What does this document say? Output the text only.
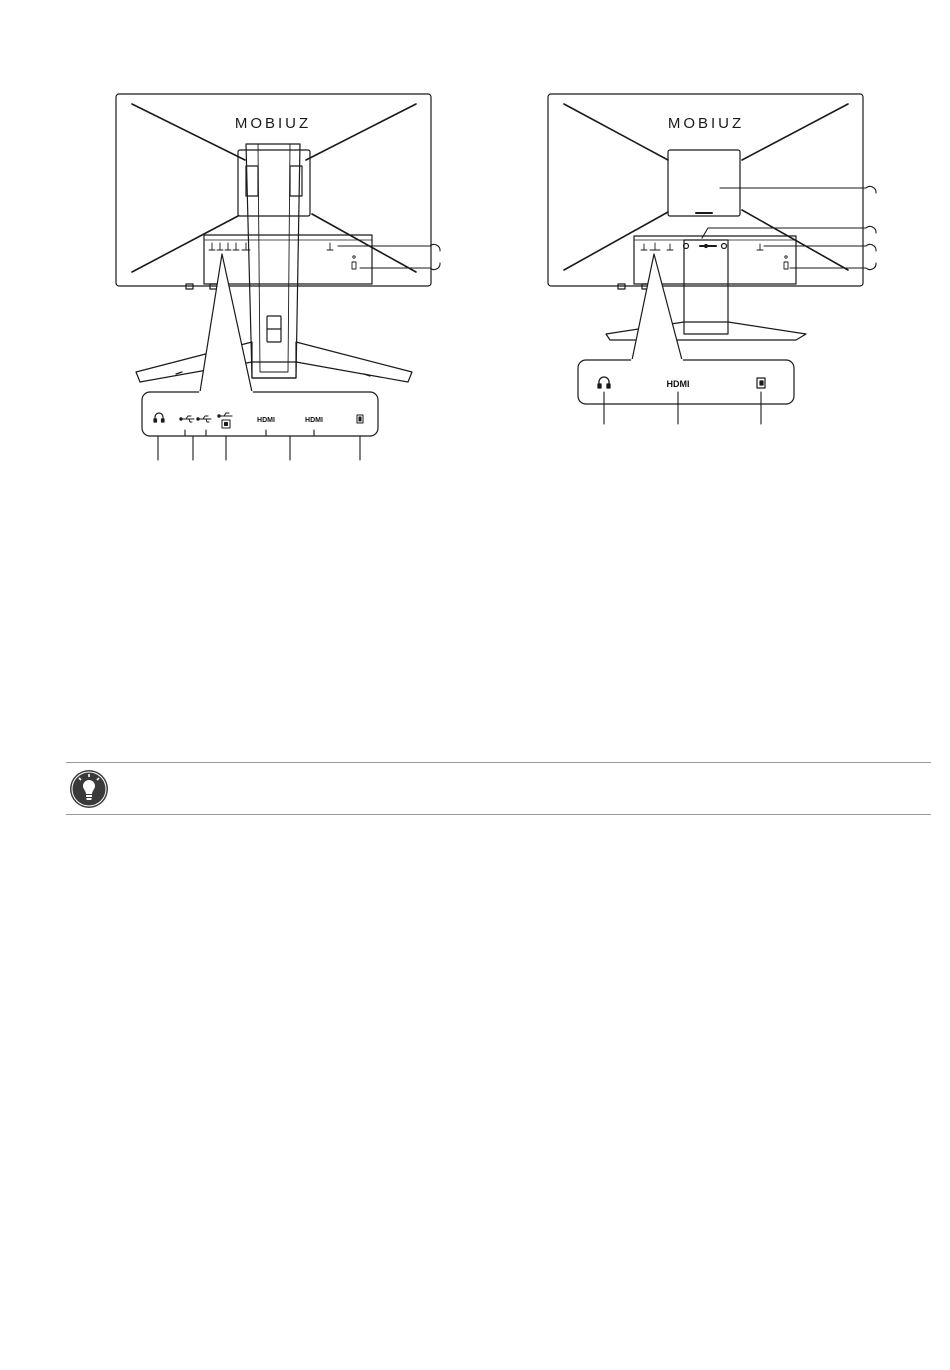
MOBIUZ
HDMI	HDMI
MOBIUZ
HDMI
